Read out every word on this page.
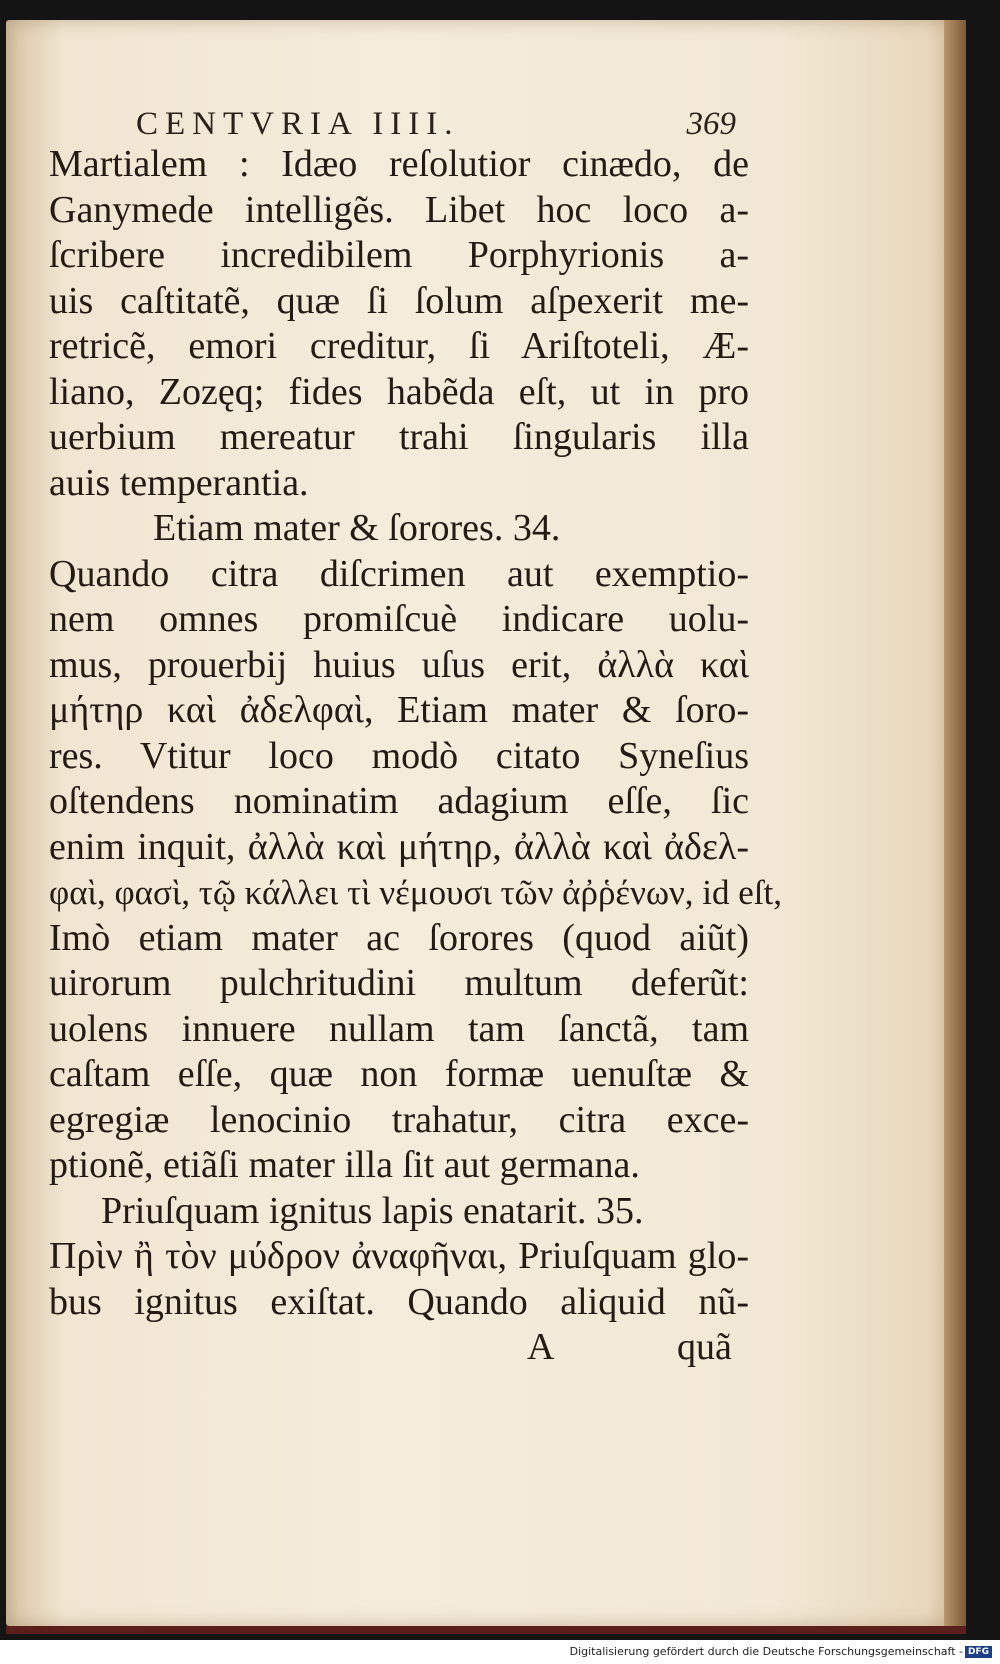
CENTVRIA IIII.	369
Martialem : Idæo reſolutior cinædo, de
Ganymede intelligẽs. Libet hoc loco a-
ſcribere incredibilem Porphyrionis a-
uis caſtitatẽ, quæ ſi ſolum aſpexerit me-
retricẽ, emori creditur, ſi Ariſtoteli, Æ-
liano, Zozęq; fides habẽda eſt, ut in pro
uerbium mereatur trahi ſingularis illa
auis temperantia.
Etiam mater & ſorores. 34.
Quando citra diſcrimen aut exemptio-
nem omnes promiſcuè indicare uolu-
mus, prouerbij huius uſus erit, ἀλλὰ καὶ
μήτηρ καὶ ἀδελφαὶ, Etiam mater & ſoro-
res. Vtitur loco modò citato Syneſius
oſtendens nominatim adagium eſſe, ſic
enim inquit, ἀλλὰ καὶ μήτηρ, ἀλλὰ καὶ ἀδελ-
φαὶ, φασὶ, τῷ κάλλει τὶ νέμουσι τῶν ἀῤῥένων, id eſt,
Imò etiam mater ac ſorores (quod aiũt)
uirorum pulchritudini multum deferũt:
uolens innuere nullam tam ſanctã, tam
caſtam eſſe, quæ non formæ uenuſtæ &
egregiæ lenocinio trahatur, citra exce-
ptionẽ, etiãſi mater illa ſit aut germana.
Priuſquam ignitus lapis enatarit. 35.
Πρὶν ἢ τὸν μύδρον ἀναφῆναι, Priuſquam glo-
bus ignitus exiſtat. Quando aliquid nũ-
A	quã
Digitalisierung gefördert durch die Deutsche Forschungsgemeinschaft - DFG
